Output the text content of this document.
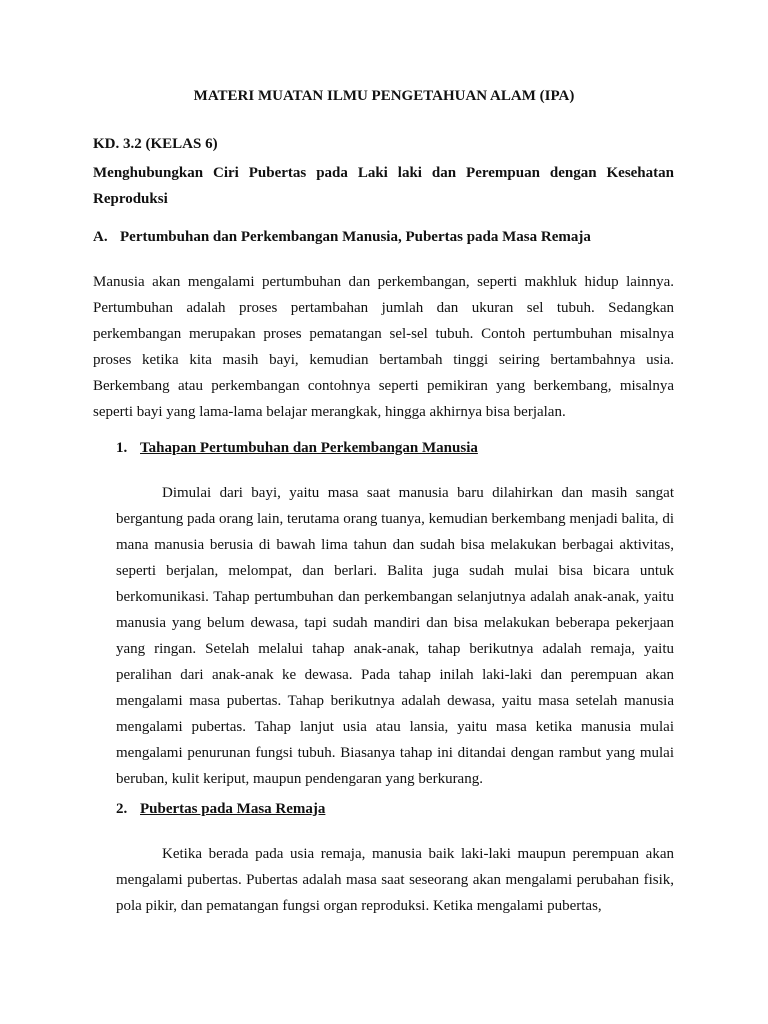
MATERI MUATAN ILMU PENGETAHUAN ALAM (IPA)
KD. 3.2 (KELAS 6)
Menghubungkan Ciri Pubertas pada Laki laki dan Perempuan dengan Kesehatan Reproduksi
A. Pertumbuhan dan Perkembangan Manusia, Pubertas pada Masa Remaja
Manusia akan mengalami pertumbuhan dan perkembangan, seperti makhluk hidup lainnya. Pertumbuhan adalah proses pertambahan jumlah dan ukuran sel tubuh. Sedangkan perkembangan merupakan proses pematangan sel-sel tubuh. Contoh pertumbuhan misalnya proses ketika kita masih bayi, kemudian bertambah tinggi seiring bertambahnya usia. Berkembang atau perkembangan contohnya seperti pemikiran yang berkembang, misalnya seperti bayi yang lama-lama belajar merangkak, hingga akhirnya bisa berjalan.
1. Tahapan Pertumbuhan dan Perkembangan Manusia
Dimulai dari bayi, yaitu masa saat manusia baru dilahirkan dan masih sangat bergantung pada orang lain, terutama orang tuanya, kemudian berkembang menjadi balita, di mana manusia berusia di bawah lima tahun dan sudah bisa melakukan berbagai aktivitas, seperti berjalan, melompat, dan berlari. Balita juga sudah mulai bisa bicara untuk berkomunikasi. Tahap pertumbuhan dan perkembangan selanjutnya adalah anak-anak, yaitu manusia yang belum dewasa, tapi sudah mandiri dan bisa melakukan beberapa pekerjaan yang ringan. Setelah melalui tahap anak-anak, tahap berikutnya adalah remaja, yaitu peralihan dari anak-anak ke dewasa. Pada tahap inilah laki-laki dan perempuan akan mengalami masa pubertas. Tahap berikutnya adalah dewasa, yaitu masa setelah manusia mengalami pubertas. Tahap lanjut usia atau lansia, yaitu masa ketika manusia mulai mengalami penurunan fungsi tubuh. Biasanya tahap ini ditandai dengan rambut yang mulai beruban, kulit keriput, maupun pendengaran yang berkurang.
2. Pubertas pada Masa Remaja
Ketika berada pada usia remaja, manusia baik laki-laki maupun perempuan akan mengalami pubertas. Pubertas adalah masa saat seseorang akan mengalami perubahan fisik, pola pikir, dan pematangan fungsi organ reproduksi. Ketika mengalami pubertas,
